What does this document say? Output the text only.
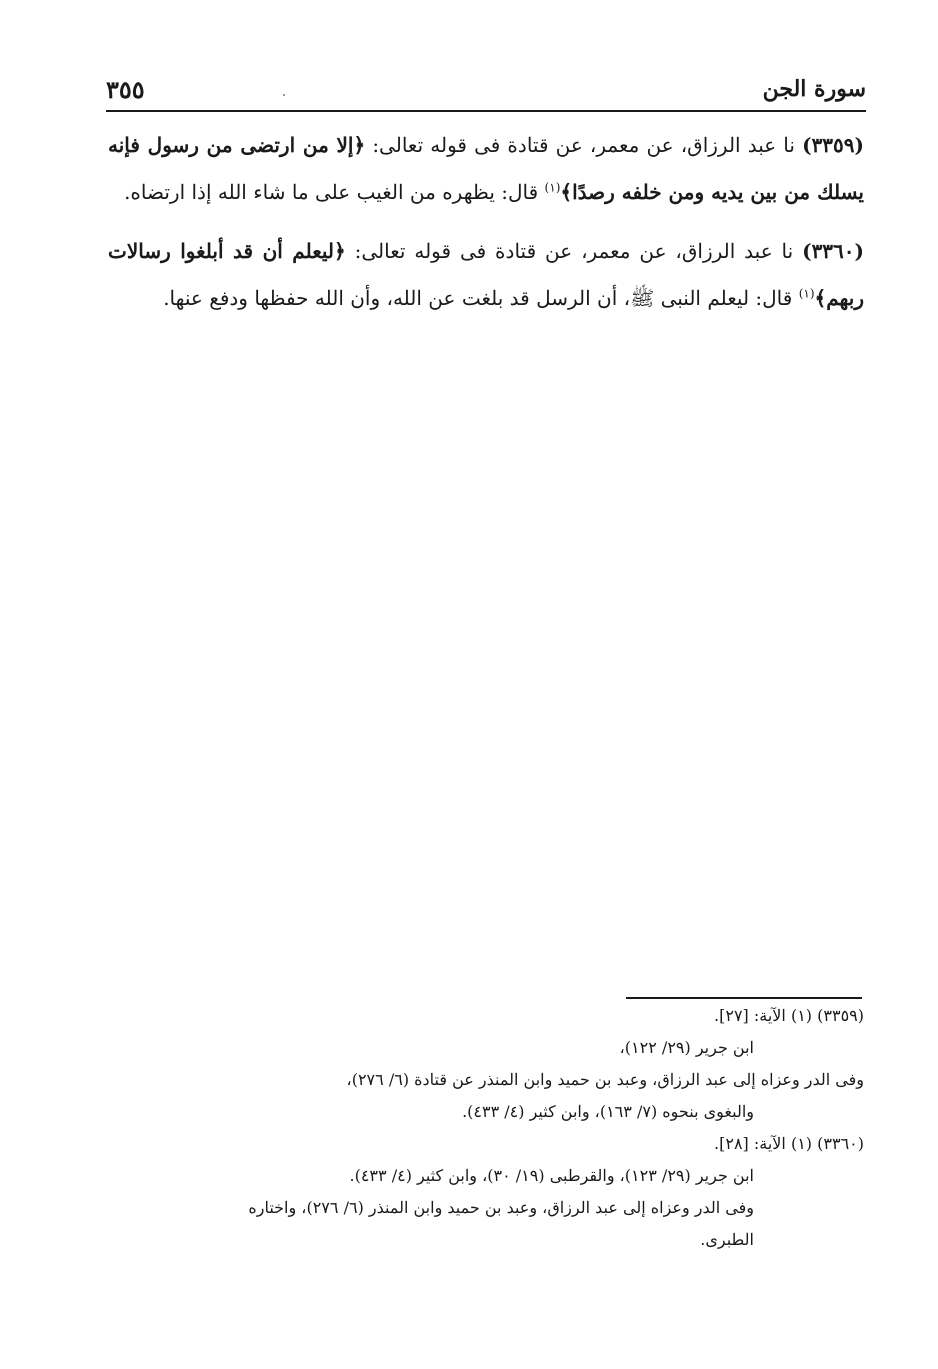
سورة الجن
٣٥٥

(٣٣٥٩) نا عبد الرزاق، عن معمر، عن قتادة فى قوله تعالى: ﴿إلا من ارتضى من رسول فإنه يسلك من بين يديه ومن خلفه رصدًا﴾$^{(١)}$ قال: يظهره من الغيب على ما شاء الله إذا ارتضاه.

(٣٣٦٠) نا عبد الرزاق، عن معمر، عن قتادة فى قوله تعالى: ﴿ليعلم أن قد أبلغوا رسالات ربهم﴾$^{(١)}$ قال: ليعلم النبى ﷺ، أن الرسل قد بلغت عن الله، وأن الله حفظها ودفع عنها.

(٣٣٥٩) (١) الآية: [٢٧].
ابن جرير (٢٩/ ١٢٢)،
وفى الدر وعزاه إلى عبد الرزاق، وعبد بن حميد وابن المنذر عن قتادة (٦/ ٢٧٦)،
والبغوى بنحوه (٧/ ١٦٣)، وابن كثير (٤/ ٤٣٣).
(٣٣٦٠) (١) الآية: [٢٨].
ابن جرير (٢٩/ ١٢٣)، والقرطبى (١٩/ ٣٠)، وابن كثير (٤/ ٤٣٣).
وفى الدر وعزاه إلى عبد الرزاق، وعبد بن حميد وابن المنذر (٦/ ٢٧٦)، واختاره
الطبرى.
